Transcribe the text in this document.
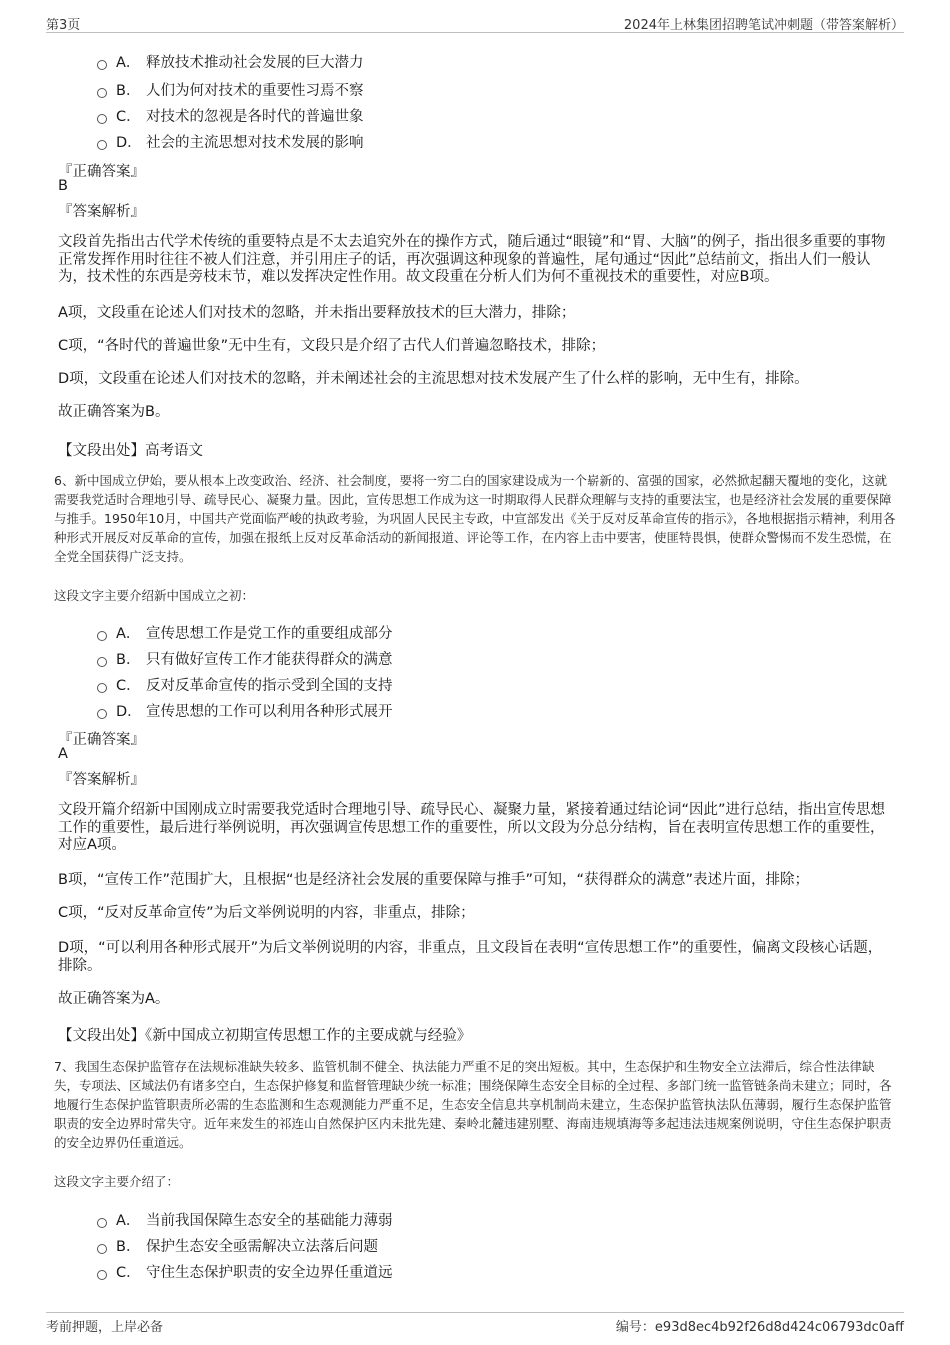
第3页	2024年上林集团招聘笔试冲刺题（带答案解析）
A． 释放技术推动社会发展的巨大潜力
B． 人们为何对技术的重要性习焉不察
C． 对技术的忽视是各时代的普遍世象
D． 社会的主流思想对技术发展的影响
『正确答案』
B
『答案解析』
文段首先指出古代学术传统的重要特点是不太去追究外在的操作方式，随后通过“眼镜”和“胃、大脑”的例子，指出很多重要的事物正常发挥作用时往往不被人们注意，并引用庄子的话，再次强调这种现象的普遍性，尾句通过“因此”总结前文，指出人们一般认为，技术性的东西是旁枝末节，难以发挥决定性作用。故文段重在分析人们为何不重视技术的重要性，对应B项。
A项，文段重在论述人们对技术的忽略，并未指出要释放技术的巨大潜力，排除；
C项，“各时代的普遍世象”无中生有，文段只是介绍了古代人们普遍忽略技术，排除；
D项，文段重在论述人们对技术的忽略，并未阐述社会的主流思想对技术发展产生了什么样的影响，无中生有，排除。
故正确答案为B。
【文段出处】高考语文
6、新中国成立伊始，要从根本上改变政治、经济、社会制度，要将一穷二白的国家建设成为一个崭新的、富强的国家，必然掀起翻天覆地的变化，这就需要我党适时合理地引导、疏导民心、凝聚力量。因此，宣传思想工作成为这一时期取得人民群众理解与支持的重要法宝，也是经济社会发展的重要保障与推手。1950年10月，中国共产党面临严峻的执政考验，为巩固人民民主专政，中宣部发出《关于反对反革命宣传的指示》，各地根据指示精神，利用各种形式开展反对反革命的宣传，加强在报纸上反对反革命活动的新闻报道、评论等工作，在内容上击中要害，使匪特畏惧，使群众警惕而不发生恐慌，在全党全国获得广泛支持。
这段文字主要介绍新中国成立之初：
A． 宣传思想工作是党工作的重要组成部分
B． 只有做好宣传工作才能获得群众的满意
C． 反对反革命宣传的指示受到全国的支持
D． 宣传思想的工作可以利用各种形式展开
『正确答案』
A
『答案解析』
文段开篇介绍新中国刚成立时需要我党适时合理地引导、疏导民心、凝聚力量，紧接着通过结论词“因此”进行总结，指出宣传思想工作的重要性，最后进行举例说明，再次强调宣传思想工作的重要性，所以文段为分总分结构，旨在表明宣传思想工作的重要性，对应A项。
B项，“宣传工作”范围扩大，且根据“也是经济社会发展的重要保障与推手”可知，“获得群众的满意”表述片面，排除；
C项，“反对反革命宣传”为后文举例说明的内容，非重点，排除；
D项，“可以利用各种形式展开”为后文举例说明的内容，非重点，且文段旨在表明“宣传思想工作”的重要性，偏离文段核心话题，排除。
故正确答案为A。
【文段出处】《新中国成立初期宣传思想工作的主要成就与经验》
7、我国生态保护监管存在法规标准缺失较多、监管机制不健全、执法能力严重不足的突出短板。其中，生态保护和生物安全立法滞后，综合性法律缺失，专项法、区域法仍有诸多空白，生态保护修复和监督管理缺少统一标准；围绕保障生态安全目标的全过程、多部门统一监管链条尚未建立；同时，各地履行生态保护监管职责所必需的生态监测和生态观测能力严重不足，生态安全信息共享机制尚未建立，生态保护监管执法队伍薄弱，履行生态保护监管职责的安全边界时常失守。近年来发生的祁连山自然保护区内未批先建、秦岭北麓违建别墅、海南违规填海等多起违法违规案例说明，守住生态保护职责的安全边界仍任重道远。
这段文字主要介绍了：
A． 当前我国保障生态安全的基础能力薄弱
B． 保护生态安全亟需解决立法落后问题
C． 守住生态保护职责的安全边界任重道远
考前押题，上岸必备	编号：e93d8ec4b92f26d8d424c06793dc0aff
